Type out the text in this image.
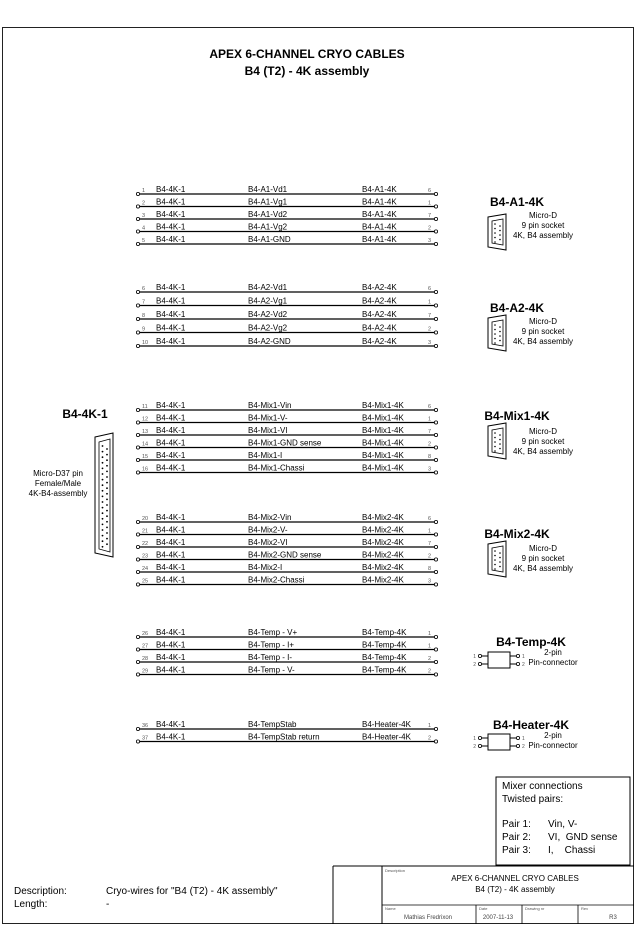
APEX 6-CHANNEL CRYO CABLES
B4 (T2) - 4K assembly
B4-4K-1
Micro-D37 pin
Female/Male
4K-B4-assembly
1 B4-4K-1	B4-A1-Vd1	B4-A1-4K	6
2 B4-4K-1	B4-A1-Vg1	B4-A1-4K	1
3 B4-4K-1	B4-A1-Vd2	B4-A1-4K	7
4 B4-4K-1	B4-A1-Vg2	B4-A1-4K	2
5 B4-4K-1	B4-A1-GND	B4-A1-4K	3
B4-A1-4K
Micro-D
9 pin socket
4K, B4 assembly
6 B4-4K-1	B4-A2-Vd1	B4-A2-4K	6
7 B4-4K-1	B4-A2-Vg1	B4-A2-4K	1
8 B4-4K-1	B4-A2-Vd2	B4-A2-4K	7
9 B4-4K-1	B4-A2-Vg2	B4-A2-4K	2
10 B4-4K-1	B4-A2-GND	B4-A2-4K	3
B4-A2-4K
Micro-D
9 pin socket
4K, B4 assembly
11 B4-4K-1	B4-Mix1-Vin	B4-Mix1-4K	6
12 B4-4K-1	B4-Mix1-V-	B4-Mix1-4K	1
13 B4-4K-1	B4-Mix1-VI	B4-Mix1-4K	7
14 B4-4K-1	B4-Mix1-GND sense	B4-Mix1-4K	2
15 B4-4K-1	B4-Mix1-I	B4-Mix1-4K	8
16 B4-4K-1	B4-Mix1-Chassi	B4-Mix1-4K	3
B4-Mix1-4K
Micro-D
9 pin socket
4K, B4 assembly
20 B4-4K-1	B4-Mix2-Vin	B4-Mix2-4K	6
21 B4-4K-1	B4-Mix2-V-	B4-Mix2-4K	1
22 B4-4K-1	B4-Mix2-VI	B4-Mix2-4K	7
23 B4-4K-1	B4-Mix2-GND sense	B4-Mix2-4K	2
24 B4-4K-1	B4-Mix2-I	B4-Mix2-4K	8
25 B4-4K-1	B4-Mix2-Chassi	B4-Mix2-4K	3
B4-Mix2-4K
Micro-D
9 pin socket
4K, B4 assembly
26 B4-4K-1	B4-Temp - V+	B4-Temp-4K	1
27 B4-4K-1	B4-Temp - I+	B4-Temp-4K	1
28 B4-4K-1	B4-Temp - I-	B4-Temp-4K	2
29 B4-4K-1	B4-Temp - V-	B4-Temp-4K	2
B4-Temp-4K
1
2
1
2
2-pin
Pin-connector
36 B4-4K-1	B4-TempStab	B4-Heater-4K	1
37 B4-4K-1	B4-TempStab return	B4-Heater-4K	2
B4-Heater-4K
1
2
1
2
2-pin
Pin-connector
Mixer connections
Twisted pairs:
Pair 1: Vin, V-
Pair 2: VI,  GND sense
Pair 3: I,    Chassi
Description:	Cryo-wires for "B4 (T2) - 4K assembly"
Length:	-
Description
APEX 6-CHANNEL CRYO CABLES
B4 (T2) - 4K assembly
Name
Mathias Fredrixon
Date
2007-11-13
Drawing nr	Rev
R3
